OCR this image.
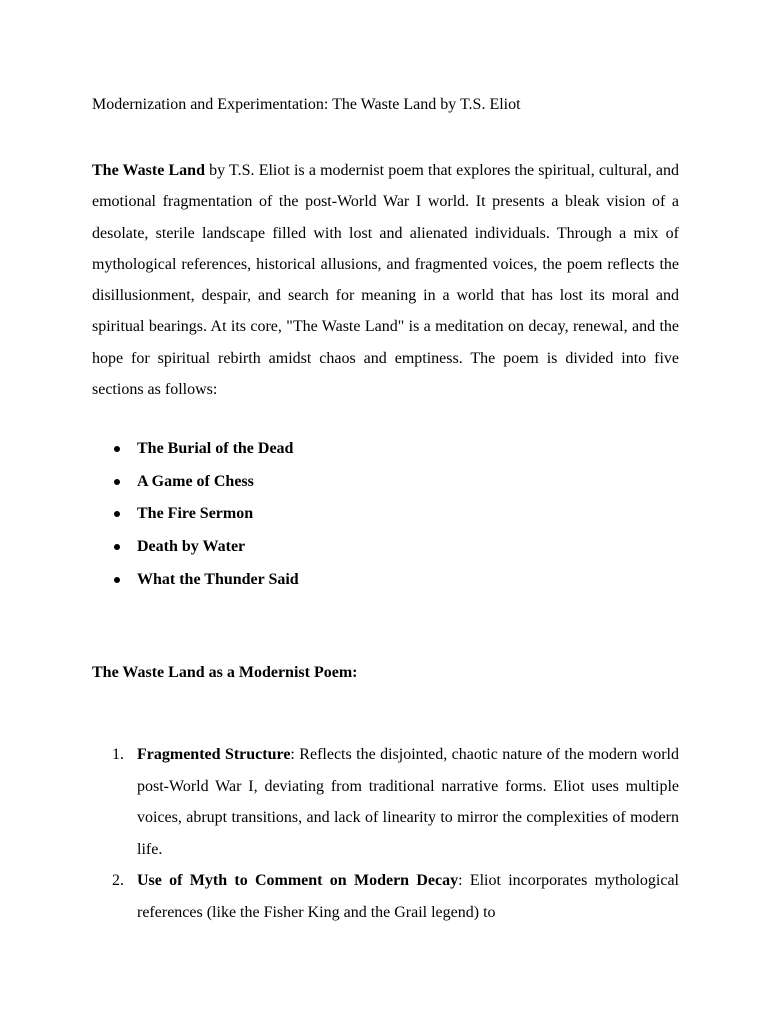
Modernization and Experimentation: The Waste Land by T.S. Eliot

The Waste Land by T.S. Eliot is a modernist poem that explores the spiritual, cultural, and emotional fragmentation of the post-World War I world. It presents a bleak vision of a desolate, sterile landscape filled with lost and alienated individuals. Through a mix of mythological references, historical allusions, and fragmented voices, the poem reflects the disillusionment, despair, and search for meaning in a world that has lost its moral and spiritual bearings. At its core, "The Waste Land" is a meditation on decay, renewal, and the hope for spiritual rebirth amidst chaos and emptiness. The poem is divided into five sections as follows:

The Burial of the Dead
A Game of Chess
The Fire Sermon
Death by Water
What the Thunder Said
The Waste Land as a Modernist Poem:
1. Fragmented Structure: Reflects the disjointed, chaotic nature of the modern world post-World War I, deviating from traditional narrative forms. Eliot uses multiple voices, abrupt transitions, and lack of linearity to mirror the complexities of modern life.
2. Use of Myth to Comment on Modern Decay: Eliot incorporates mythological references (like the Fisher King and the Grail legend) to
